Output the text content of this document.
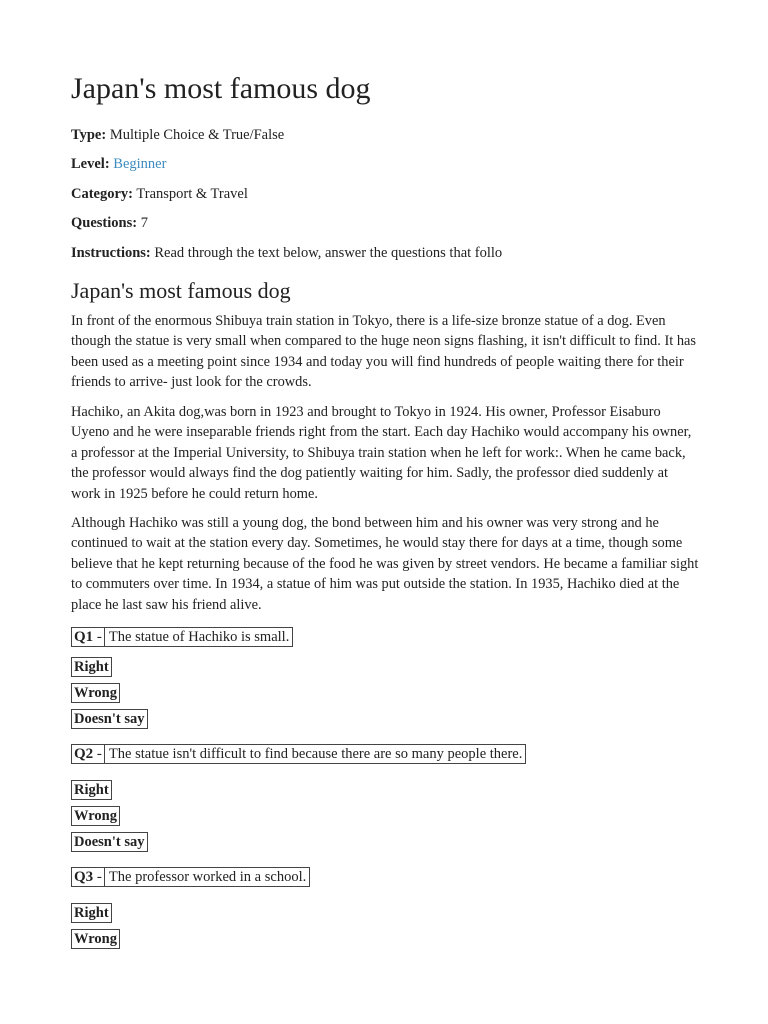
Japan's most famous dog
Type: Multiple Choice & True/False
Level: Beginner
Category: Transport & Travel
Questions: 7
Instructions: Read through the text below, answer the questions that follo
Japan's most famous dog

In front of the enormous Shibuya train station in Tokyo, there is a life-size bronze statue of a dog. Even though the statue is very small when compared to the huge neon signs flashing, it isn't difficult to find. It has been used as a meeting point since 1934 and today you will find hundreds of people waiting there for their friends to arrive- just look for the crowds.

Hachiko, an Akita dog,was born in 1923 and brought to Tokyo in 1924. His owner, Professor Eisaburo Uyeno and he were inseparable friends right from the start. Each day Hachiko would accompany his owner, a professor at the Imperial University, to Shibuya train station when he left for work:. When he came back, the professor would always find the dog patiently waiting for him. Sadly, the professor died suddenly at work in 1925 before he could return home.

Although Hachiko was still a young dog, the bond between him and his owner was very strong and he continued to wait at the station every day. Sometimes, he would stay there for days at a time, though some believe that he kept returning because of the food he was given by street vendors. He became a familiar sight to commuters over time. In 1934, a statue of him was put outside the station. In 1935, Hachiko died at the place he last saw his friend alive.

Q1 - The statue of Hachiko is small.
Right
Wrong
Doesn't say
Q2 - The statue isn't difficult to find because there are so many people there.
Right
Wrong
Doesn't say
Q3 - The professor worked in a school.
Right
Wrong
